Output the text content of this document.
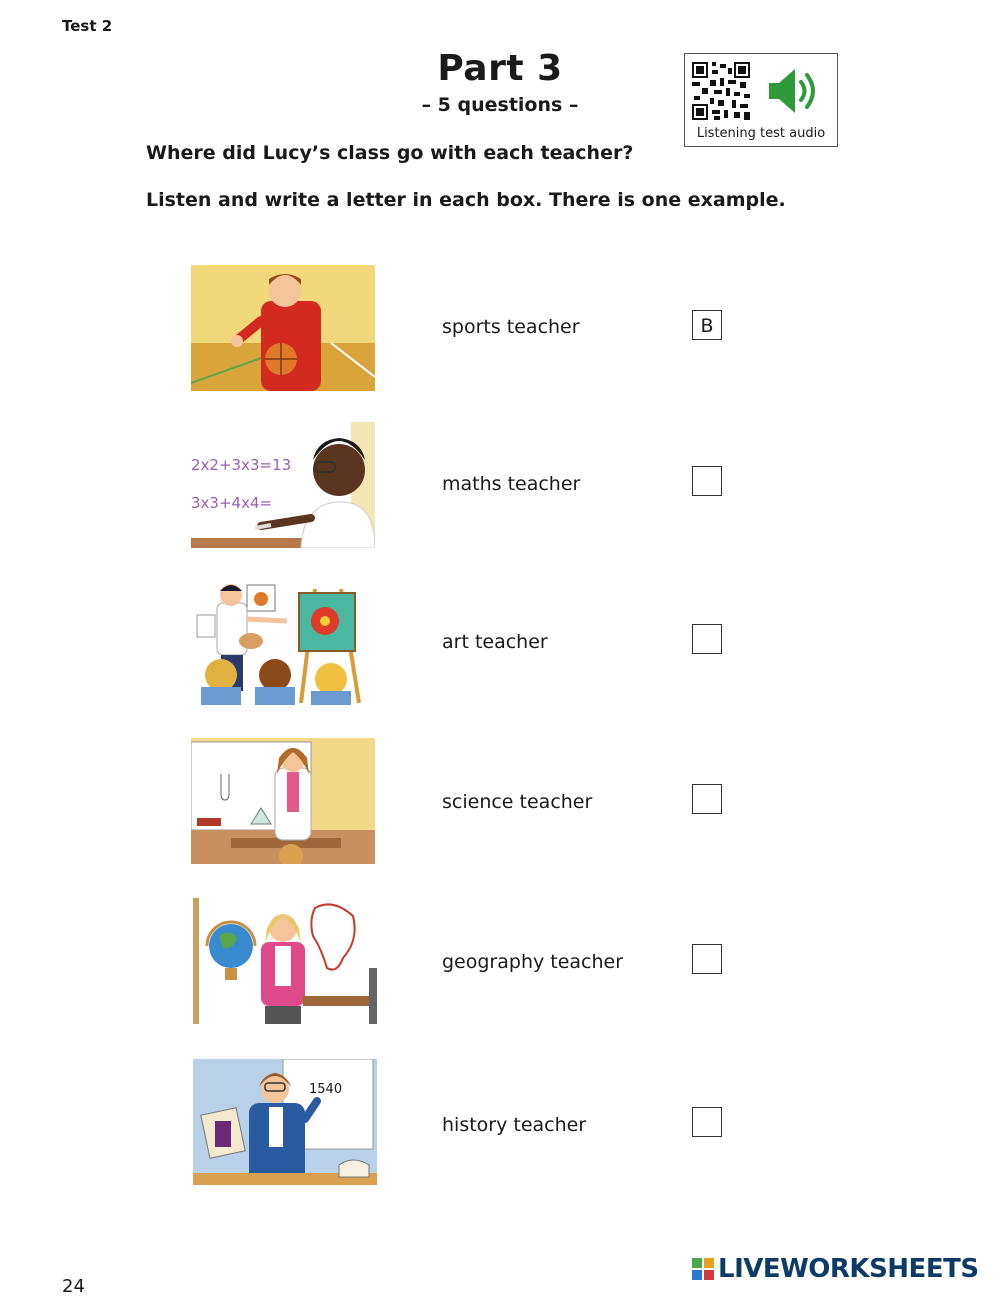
Test 2
Part 3
– 5 questions –
Listening test audio
Where did Lucy’s class go with each teacher?
Listen and write a letter in each box. There is one example.
sports teacher	B
2x2+3x3=13
3x3+4x4=
maths teacher
art teacher
science teacher
geography teacher
1540
history teacher
24
LIVEWORKSHEETS
